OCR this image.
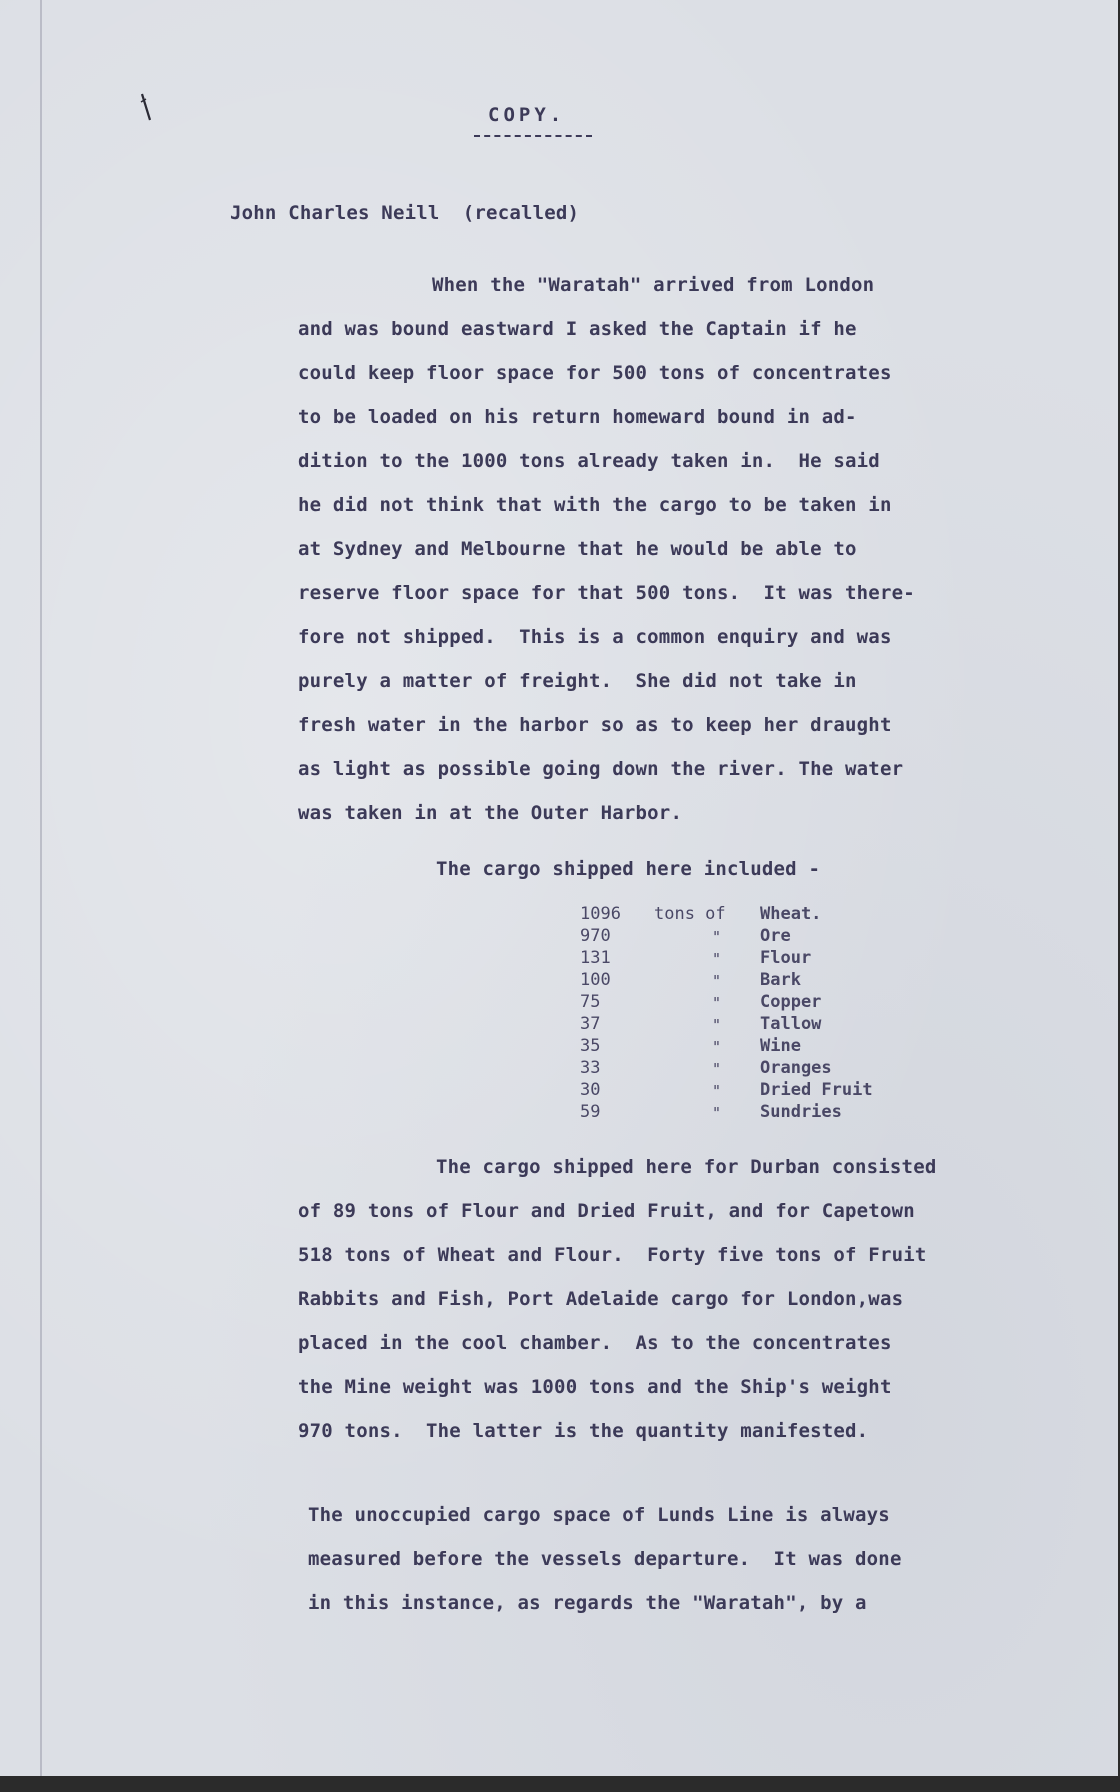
COPY.
John Charles Neill  (recalled)
When the "Waratah" arrived from London
and was bound eastward I asked the Captain if he
could keep floor space for 500 tons of concentrates
to be loaded on his return homeward bound in ad-
dition to the 1000 tons already taken in.  He said
he did not think that with the cargo to be taken in
at Sydney and Melbourne that he would be able to
reserve floor space for that 500 tons.  It was there-
fore not shipped.  This is a common enquiry and was
purely a matter of freight.  She did not take in
fresh water in the harbor so as to keep her draught
as light as possible going down the river. The water
was taken in at the Outer Harbor.
The cargo shipped here included -
1096 tons of Wheat.
970	" Ore
131	" Flour
100	" Bark
75	" Copper
37	" Tallow
35	" Wine
33	" Oranges
30	" Dried Fruit
59	" Sundries
The cargo shipped here for Durban consisted
of 89 tons of Flour and Dried Fruit, and for Capetown
518 tons of Wheat and Flour.  Forty five tons of Fruit
Rabbits and Fish, Port Adelaide cargo for London,was
placed in the cool chamber.  As to the concentrates
the Mine weight was 1000 tons and the Ship's weight
970 tons.  The latter is the quantity manifested.
The unoccupied cargo space of Lunds Line is always
measured before the vessels departure.  It was done
in this instance, as regards the "Waratah", by a
